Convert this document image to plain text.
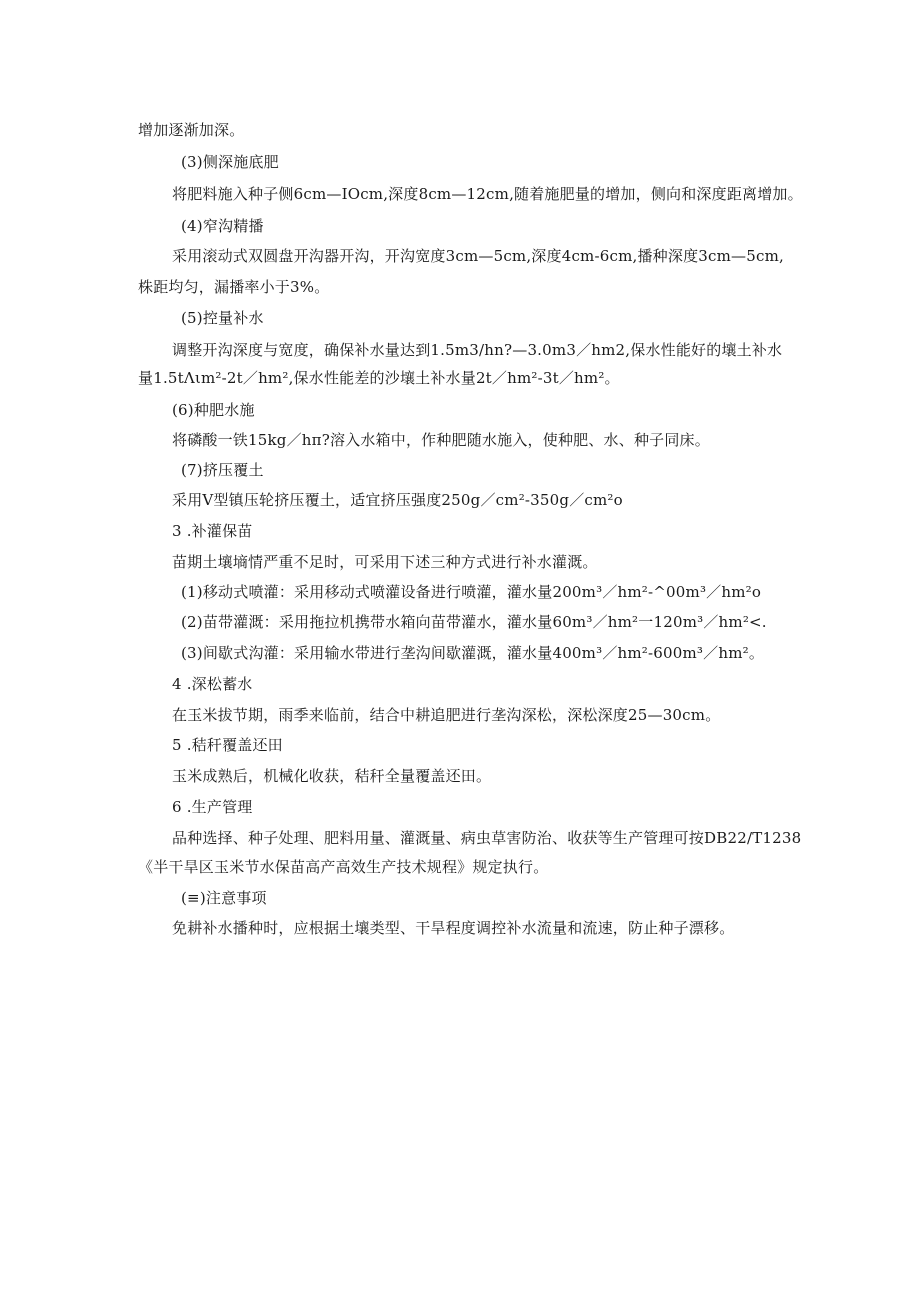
增加逐渐加深。
(3)侧深施底肥
将肥料施入种子侧6cm—IOcm,深度8cm—12cm,随着施肥量的增加，侧向和深度距离增加。
(4)窄沟精播
采用滚动式双圆盘开沟器开沟，开沟宽度3cm—5cm,深度4cm-6cm,播种深度3cm—5cm,
株距均匀，漏播率小于3%。
(5)控量补水
调整开沟深度与宽度，确保补水量达到1.5m3/hn?—3.0m3／hm2,保水性能好的壤土补水
量1.5tΛιm²-2t／hm²,保水性能差的沙壤土补水量2t／hm²-3t／hm²。
(6)种肥水施
将磷酸一铁15kg／hπ?溶入水箱中，作种肥随水施入，使种肥、水、种子同床。
(7)挤压覆土
采用V型镇压轮挤压覆土，适宜挤压强度250g／cm²-350g／cm²o
3 .补灌保苗
苗期土壤墒情严重不足时，可采用下述三种方式进行补水灌溉。
(1)移动式喷灌：采用移动式喷灌设备进行喷灌，灌水量200m³／hm²-^00m³／hm²o
(2)苗带灌溉：采用拖拉机携带水箱向苗带灌水，灌水量60m³／hm²一120m³／hm²<.
(3)间歇式沟灌：采用输水带进行垄沟间歇灌溉，灌水量400m³／hm²-600m³／hm²。
4 .深松蓄水
在玉米拔节期，雨季来临前，结合中耕追肥进行垄沟深松，深松深度25—30cm。
5 .秸秆覆盖还田
玉米成熟后，机械化收获，秸秆全量覆盖还田。
6 .生产管理
品种选择、种子处理、肥料用量、灌溉量、病虫草害防治、收获等生产管理可按DB22/T1238
《半干旱区玉米节水保苗高产高效生产技术规程》规定执行。
(≡)注意事项
免耕补水播种时，应根据土壤类型、干旱程度调控补水流量和流速，防止种子漂移。
